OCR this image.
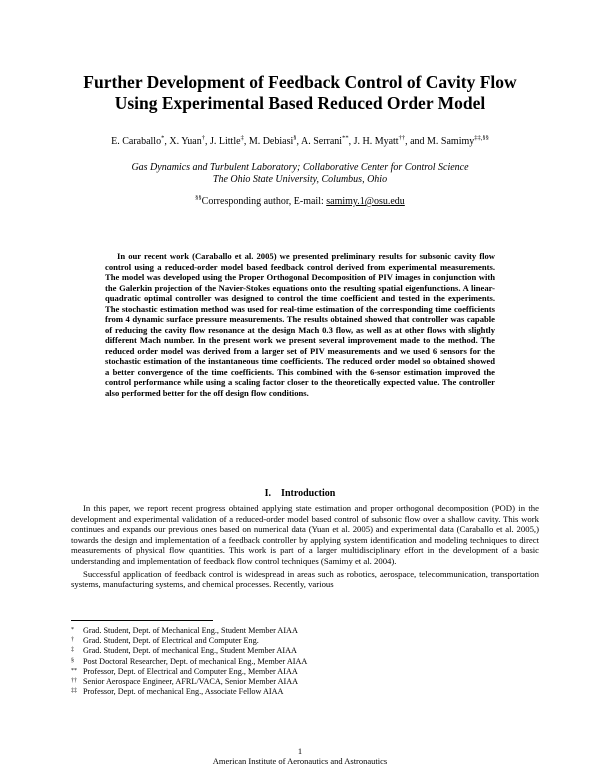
Further Development of Feedback Control of Cavity Flow
Using Experimental Based Reduced Order Model
E. Caraballo*, X. Yuan†, J. Little‡, M. Debiasi§, A. Serrani**, J. H. Myatt††, and M. Samimy‡‡,§§
Gas Dynamics and Turbulent Laboratory; Collaborative Center for Control Science
The Ohio State University, Columbus, Ohio
§§Corresponding author, E-mail: samimy.1@osu.edu

In our recent work (Caraballo et al. 2005) we presented preliminary results for subsonic cavity flow control using a reduced-order model based feedback control derived from experimental measurements. The model was developed using the Proper Orthogonal Decomposition of PIV images in conjunction with the Galerkin projection of the Navier-Stokes equations onto the resulting spatial eigenfunctions. A linear-quadratic optimal controller was designed to control the time coefficient and tested in the experiments. The stochastic estimation method was used for real-time estimation of the corresponding time coefficients from 4 dynamic surface pressure measurements. The results obtained showed that controller was capable of reducing the cavity flow resonance at the design Mach 0.3 flow, as well as at other flows with slightly different Mach number. In the present work we present several improvement made to the method. The reduced order model was derived from a larger set of PIV measurements and we used 6 sensors for the stochastic estimation of the instantaneous time coefficients. The reduced order model so obtained showed a better convergence of the time coefficients. This combined with the 6-sensor estimation improved the control performance while using a scaling factor closer to the theoretically expected value. The controller also performed better for the off design flow conditions.

I.    Introduction

In this paper, we report recent progress obtained applying state estimation and proper orthogonal decomposition (POD) in the development and experimental validation of a reduced-order model based control of subsonic flow over a shallow cavity. This work continues and expands our previous ones based on numerical data (Yuan et al. 2005) and experimental data (Caraballo et al. 2005,) towards the design and implementation of a feedback controller by applying system identification and modeling techniques to direct measurements of physical flow quantities. This work is part of a larger multidisciplinary effort in the development of a basic understanding and implementation of feedback flow control techniques (Samimy et al. 2004).

Successful application of feedback control is widespread in areas such as robotics, aerospace, telecommunication, transportation systems, manufacturing systems, and chemical processes. Recently, various

* Grad. Student, Dept. of Mechanical Eng., Student Member AIAA
† Grad. Student, Dept. of Electrical and Computer Eng.
‡ Grad. Student, Dept. of mechanical Eng., Student Member AIAA
§ Post Doctoral Researcher, Dept. of mechanical Eng., Member AIAA
** Professor, Dept. of Electrical and Computer Eng., Member AIAA
†† Senior Aerospace Engineer, AFRL/VACA, Senior Member AIAA
‡‡ Professor, Dept. of mechanical Eng., Associate Fellow AIAA
1
American Institute of Aeronautics and Astronautics
